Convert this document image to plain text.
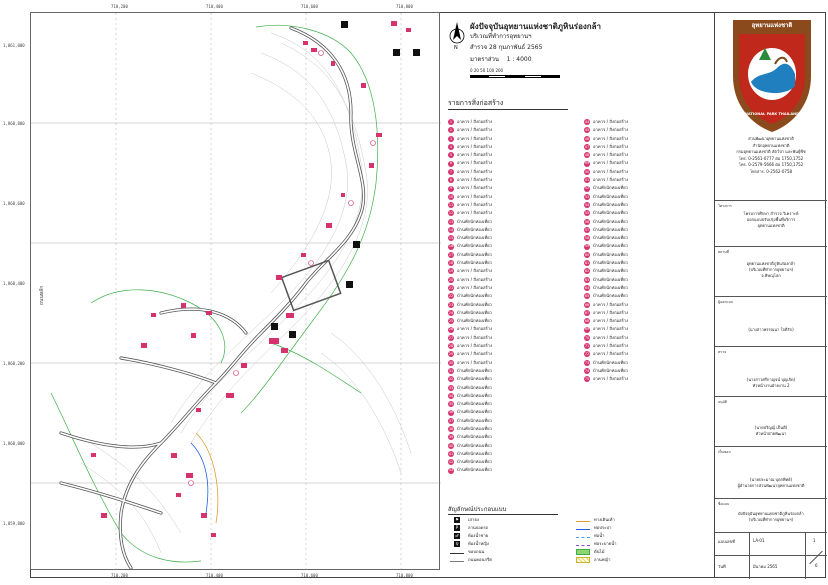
ถนนหลัก
710,200	710,400	710,600	710,800
710,200	710,400	710,600	710,800
1,861,000
1,860,800
1,860,600
1,860,400
1,860,200
1,860,000
1,859,800
N
ผังปัจจุบันอุทยานแห่งชาติภูหินร่องกล้า
บริเวณที่ทำการอุทยานฯ
สำรวจ 28 กุมภาพันธ์ 2565
มาตราส่วน 1 : 4000
0 20 50 100 200
รายการสิ่งก่อสร้าง
1	อาคาร / สิ่งก่อสร้าง
2	อาคาร / สิ่งก่อสร้าง
3	อาคาร / สิ่งก่อสร้าง
4	อาคาร / สิ่งก่อสร้าง
5	อาคาร / สิ่งก่อสร้าง
6	อาคาร / สิ่งก่อสร้าง
7	อาคาร / สิ่งก่อสร้าง
8	อาคาร / สิ่งก่อสร้าง
9	อาคาร / สิ่งก่อสร้าง
10 อาคาร / สิ่งก่อสร้าง
11 อาคาร / สิ่งก่อสร้าง
12 อาคาร / สิ่งก่อสร้าง
13 บ้านพักนักท่องเที่ยว
14 บ้านพักนักท่องเที่ยว
15 บ้านพักนักท่องเที่ยว
16 บ้านพักนักท่องเที่ยว
17 บ้านพักนักท่องเที่ยว
18 บ้านพักนักท่องเที่ยว
19 อาคาร / สิ่งก่อสร้าง
20 อาคาร / สิ่งก่อสร้าง
21 อาคาร / สิ่งก่อสร้าง
22 บ้านพักนักท่องเที่ยว
23 บ้านพักนักท่องเที่ยว
24 บ้านพักนักท่องเที่ยว
25 บ้านพักนักท่องเที่ยว
26 อาคาร / สิ่งก่อสร้าง
27 อาคาร / สิ่งก่อสร้าง
28 อาคาร / สิ่งก่อสร้าง
29 อาคาร / สิ่งก่อสร้าง
30 อาคาร / สิ่งก่อสร้าง
31 บ้านพักนักท่องเที่ยว
32 บ้านพักนักท่องเที่ยว
33 บ้านพักนักท่องเที่ยว
34 บ้านพักนักท่องเที่ยว
35 บ้านพักนักท่องเที่ยว
36 บ้านพักนักท่องเที่ยว
37 บ้านพักนักท่องเที่ยว
38 บ้านพักนักท่องเที่ยว
39 บ้านพักนักท่องเที่ยว
40 บ้านพักนักท่องเที่ยว
41 บ้านพักนักท่องเที่ยว
42 บ้านพักนักท่องเที่ยว
43 บ้านพักนักท่องเที่ยว
44 อาคาร / สิ่งก่อสร้าง
45 อาคาร / สิ่งก่อสร้าง
46 อาคาร / สิ่งก่อสร้าง
47 อาคาร / สิ่งก่อสร้าง
48 อาคาร / สิ่งก่อสร้าง
49 อาคาร / สิ่งก่อสร้าง
50 อาคาร / สิ่งก่อสร้าง
51 อาคาร / สิ่งก่อสร้าง
52 บ้านพักนักท่องเที่ยว
53 บ้านพักนักท่องเที่ยว
54 บ้านพักนักท่องเที่ยว
55 บ้านพักนักท่องเที่ยว
56 บ้านพักนักท่องเที่ยว
57 บ้านพักนักท่องเที่ยว
58 บ้านพักนักท่องเที่ยว
59 บ้านพักนักท่องเที่ยว
60 บ้านพักนักท่องเที่ยว
61 บ้านพักนักท่องเที่ยว
62 บ้านพักนักท่องเที่ยว
63 บ้านพักนักท่องเที่ยว
64 บ้านพักนักท่องเที่ยว
65 บ้านพักนักท่องเที่ยว
66 อาคาร / สิ่งก่อสร้าง
67 อาคาร / สิ่งก่อสร้าง
68 อาคาร / สิ่งก่อสร้าง
69 อาคาร / สิ่งก่อสร้าง
70 อาคาร / สิ่งก่อสร้าง
71 อาคาร / สิ่งก่อสร้าง
72 อาคาร / สิ่งก่อสร้าง
73 บ้านพักนักท่องเที่ยว
74 บ้านพักนักท่องเที่ยว
75 อาคาร / สิ่งก่อสร้าง
สัญลักษณ์ประกอบแบบ
⚑ เสาธง
P	ลานจอดรถ
♂ ห้องน้ำชาย
♀	ห้องน้ำหญิง
ขอบถนน
ถนนคอนกรีต
ทางเดินเท้า
ท่อประปา
ท่อน้ำ
ท่อระบายน้ำ
ต้นไม้
ลานหญ้า
อุทยานแห่งชาติ
NATIONAL PARK THAILAND
ส่วนพัฒนาอุทยานแห่งชาติ
สำนักอุทยานแห่งชาติ
กรมอุทยานแห่งชาติ สัตว์ป่า และพันธุ์พืช
โทร. 0-2561-0777 ต่อ 1750,1752
โทร. 0-2579-5666 ต่อ 1750,1752
โทรสาร. 0-2562-0758
โครงการ
โครงการศึกษา สำรวจ วิเคราะห์
ออกแบบปรับปรุงพื้นที่บริการ
อุทยานแห่งชาติ
สถานที่
อุทยานแห่งชาติภูหินร่องกล้า
(บริเวณที่ทำการอุทยานฯ)
จ.พิษณุโลก
ผู้ออกแบบ
(นางสาวพรรณนา ใจดีรัก)
ตรวจ
(นางสาวศรีกาญจน์ บุญเกิด)
หัวหน้างานฝ่ายงาน 2
อนุมัติ
(นายปริญญ์ เป็นดี)
หัวหน้าฝ่ายพัฒนา
เห็นชอบ
(นายประมาณ บุตรพิทย์)
ผู้อำนวยการส่วนพัฒนาอุทยานแห่งชาติ
ชื่อแบบ
ผังปัจจุบันอุทยานแห่งชาติภูหินร่องกล้า
(บริเวณที่ทำการอุทยานฯ)
แบบเลขที่	LA-01
วันที่	มีนาคม 2565
1
6
